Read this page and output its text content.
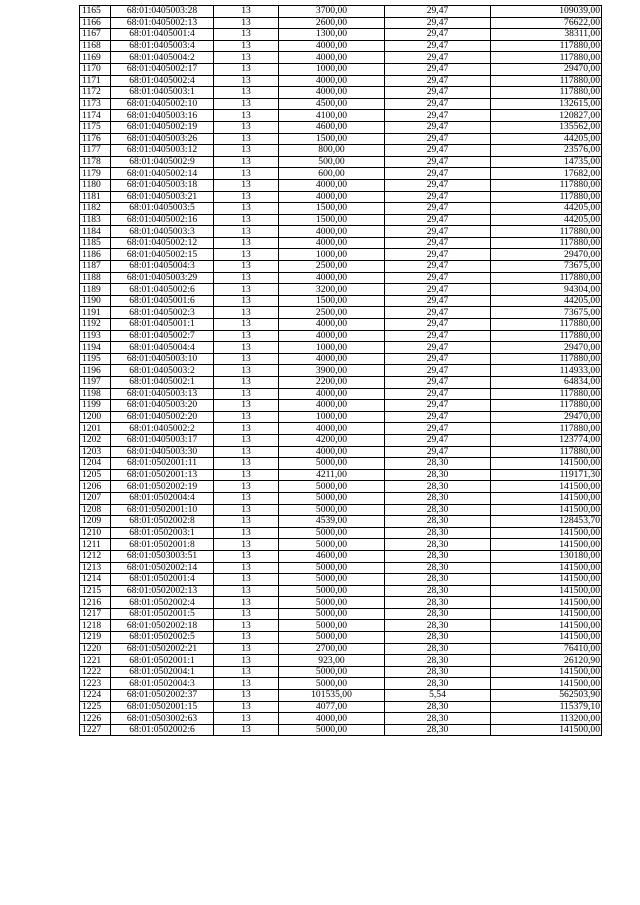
1165	68:01:0405003:28	13	3700,00	29,47	109039,00
1166	68:01:0405002:13	13	2600,00	29,47	76622,00
1167	68:01:0405001:4	13	1300,00	29,47	38311,00
1168	68:01:0405003:4	13	4000,00	29,47	117880,00
1169	68:01:0405004:2	13	4000,00	29,47	117880,00
1170	68:01:0405002:17	13	1000,00	29,47	29470,00
1171	68:01:0405002:4	13	4000,00	29,47	117880,00
1172	68:01:0405003:1	13	4000,00	29,47	117880,00
1173	68:01:0405002:10	13	4500,00	29,47	132615,00
1174	68:01:0405003:16	13	4100,00	29,47	120827,00
1175	68:01:0405002:19	13	4600,00	29,47	135562,00
1176	68:01:0405003:26	13	1500,00	29,47	44205,00
1177	68:01:0405003:12	13	800,00	29,47	23576,00
1178	68:01:0405002:9	13	500,00	29,47	14735,00
1179	68:01:0405002:14	13	600,00	29,47	17682,00
1180	68:01:0405003:18	13	4000,00	29,47	117880,00
1181	68:01:0405003:21	13	4000,00	29,47	117880,00
1182	68:01:0405003:5	13	1500,00	29,47	44205,00
1183	68:01:0405002:16	13	1500,00	29,47	44205,00
1184	68:01:0405003:3	13	4000,00	29,47	117880,00
1185	68:01:0405002:12	13	4000,00	29,47	117880,00
1186	68:01:0405002:15	13	1000,00	29,47	29470,00
1187	68:01:0405004:3	13	2500,00	29,47	73675,00
1188	68:01:0405003:29	13	4000,00	29,47	117880,00
1189	68:01:0405002:6	13	3200,00	29,47	94304,00
1190	68:01:0405001:6	13	1500,00	29,47	44205,00
1191	68:01:0405002:3	13	2500,00	29,47	73675,00
1192	68:01:0405001:1	13	4000,00	29,47	117880,00
1193	68:01:0405002:7	13	4000,00	29,47	117880,00
1194	68:01:0405004:4	13	1000,00	29,47	29470,00
1195	68:01:0405003:10	13	4000,00	29,47	117880,00
1196	68:01:0405003:2	13	3900,00	29,47	114933,00
1197	68:01:0405002:1	13	2200,00	29,47	64834,00
1198	68:01:0405003:13	13	4000,00	29,47	117880,00
1199	68:01:0405003:20	13	4000,00	29,47	117880,00
1200	68:01:0405002:20	13	1000,00	29,47	29470,00
1201	68:01:0405002:2	13	4000,00	29,47	117880,00
1202	68:01:0405003:17	13	4200,00	29,47	123774,00
1203	68:01:0405003:30	13	4000,00	29,47	117880,00
1204	68:01:0502001:11	13	5000,00	28,30	141500,00
1205	68:01:0502001:13	13	4211,00	28,30	119171,30
1206	68:01:0502002:19	13	5000,00	28,30	141500,00
1207	68:01:0502004:4	13	5000,00	28,30	141500,00
1208	68:01:0502001:10	13	5000,00	28,30	141500,00
1209	68:01:0502002:8	13	4539,00	28,30	128453,70
1210	68:01:0502003:1	13	5000,00	28,30	141500,00
1211	68:01:0502001:8	13	5000,00	28,30	141500,00
1212	68:01:0503003:51	13	4600,00	28,30	130180,00
1213	68:01:0502002:14	13	5000,00	28,30	141500,00
1214	68:01:0502001:4	13	5000,00	28,30	141500,00
1215	68:01:0502002:13	13	5000,00	28,30	141500,00
1216	68:01:0502002:4	13	5000,00	28,30	141500,00
1217	68:01:0502001:5	13	5000,00	28,30	141500,00
1218	68:01:0502002:18	13	5000,00	28,30	141500,00
1219	68:01:0502002:5	13	5000,00	28,30	141500,00
1220	68:01:0502002:21	13	2700,00	28,30	76410,00
1221	68:01:0502001:1	13	923,00	28,30	26120,90
1222	68:01:0502004:1	13	5000,00	28,30	141500,00
1223	68:01:0502004:3	13	5000,00	28,30	141500,00
1224	68:01:0502002:37	13	101535,00	5,54	562503,90
1225	68:01:0502001:15	13	4077,00	28,30	115379,10
1226	68:01:0503002:63	13	4000,00	28,30	113200,00
1227	68:01:0502002:6	13	5000,00	28,30	141500,00
